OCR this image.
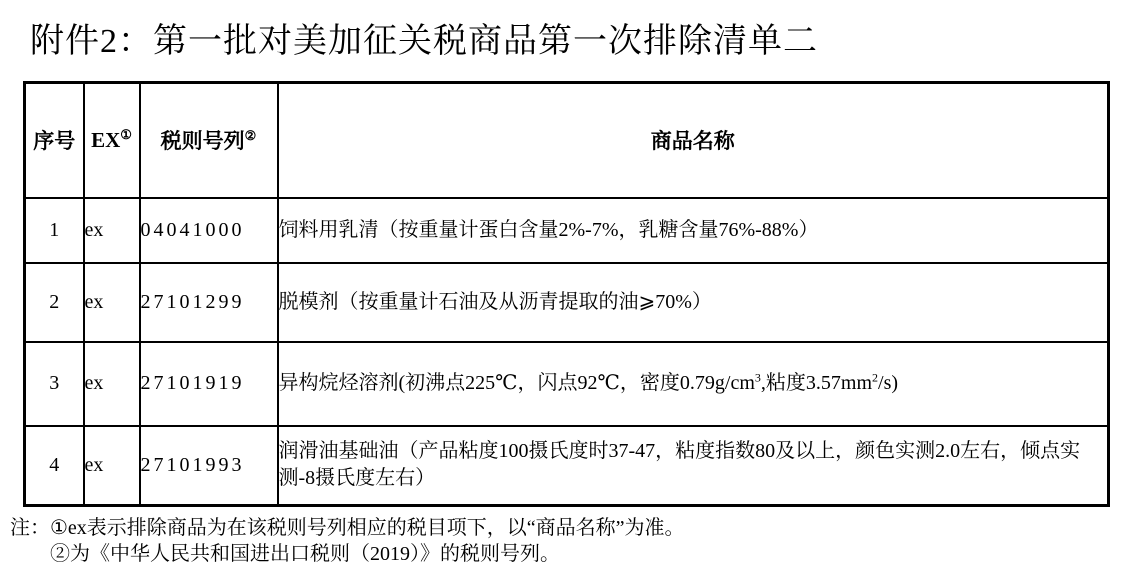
附件2：第一批对美加征关税商品第一次排除清单二
序号	EX①	税则号列②	商品名称
1	ex	04041000	饲料用乳清（按重量计蛋白含量2%-7%，乳糖含量76%-88%）
2	ex	27101299	脱模剂（按重量计石油及从沥青提取的油⩾70%）
3	ex	27101919	异构烷烃溶剂(初沸点225℃，闪点92℃，密度$0.79g/cm^3$,粘度$3.57mm^2/s$)
4	ex	27101993	润滑油基础油（产品粘度100摄氏度时37-47，粘度指数80及以上，颜色实测2.0左右，倾点实测-8摄氏度左右）
注： ①ex表示排除商品为在该税则号列相应的税目项下，以“商品名称”为准。
②为《中华人民共和国进出口税则（2019）》的税则号列。
